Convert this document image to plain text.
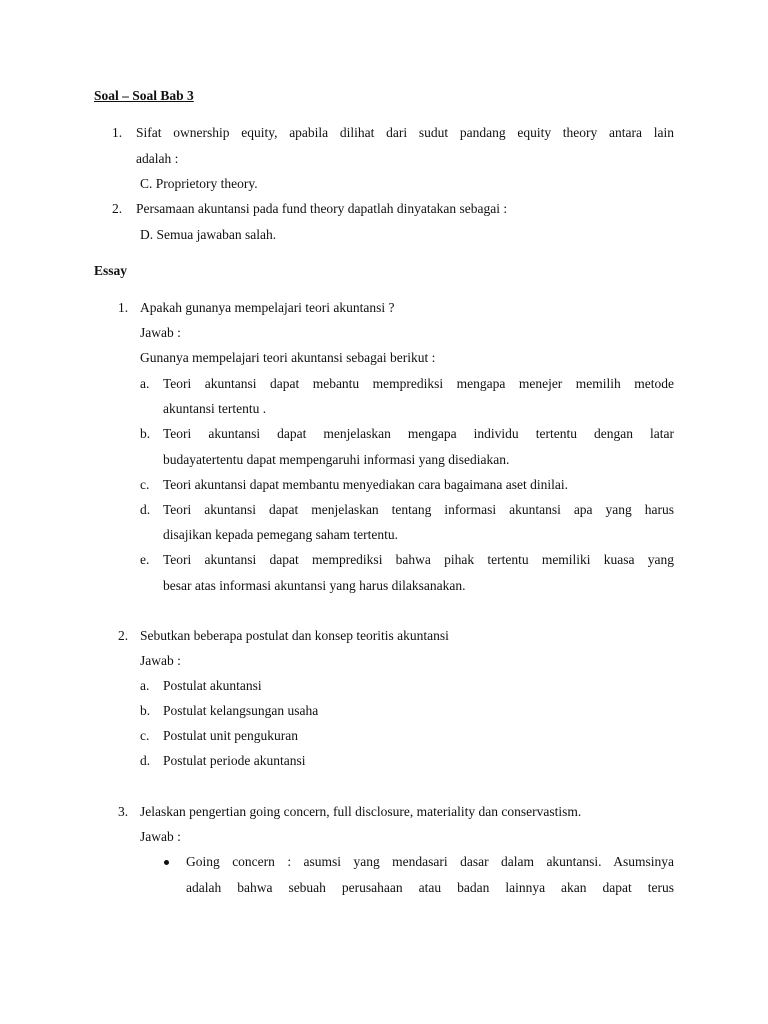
Soal – Soal Bab 3
1. Sifat ownership equity, apabila dilihat dari sudut pandang equity theory antara lain
adalah :
C. Proprietory theory.
2. Persamaan akuntansi pada fund theory dapatlah dinyatakan sebagai :
D. Semua jawaban salah.
Essay
1. Apakah gunanya mempelajari teori akuntansi ?
Jawab :
Gunanya mempelajari teori akuntansi sebagai berikut :
a. Teori akuntansi dapat mebantu memprediksi mengapa menejer memilih metode
akuntansi tertentu .
b. Teori akuntansi dapat menjelaskan mengapa individu tertentu dengan latar
budayatertentu dapat mempengaruhi informasi yang disediakan.
c. Teori akuntansi dapat membantu menyediakan cara bagaimana aset dinilai.
d. Teori akuntansi dapat menjelaskan tentang informasi akuntansi apa yang harus
disajikan kepada pemegang saham tertentu.
e. Teori akuntansi dapat memprediksi bahwa pihak tertentu memiliki kuasa yang
besar atas informasi akuntansi yang harus dilaksanakan.
2. Sebutkan beberapa postulat dan konsep teoritis akuntansi
Jawab :
a. Postulat akuntansi
b. Postulat kelangsungan usaha
c. Postulat unit pengukuran
d. Postulat periode akuntansi
3. Jelaskan pengertian going concern, full disclosure, materiality dan conservastism.
Jawab :
Going concern : asumsi yang mendasari dasar dalam akuntansi. Asumsinya
adalah bahwa sebuah perusahaan atau badan lainnya akan dapat terus
